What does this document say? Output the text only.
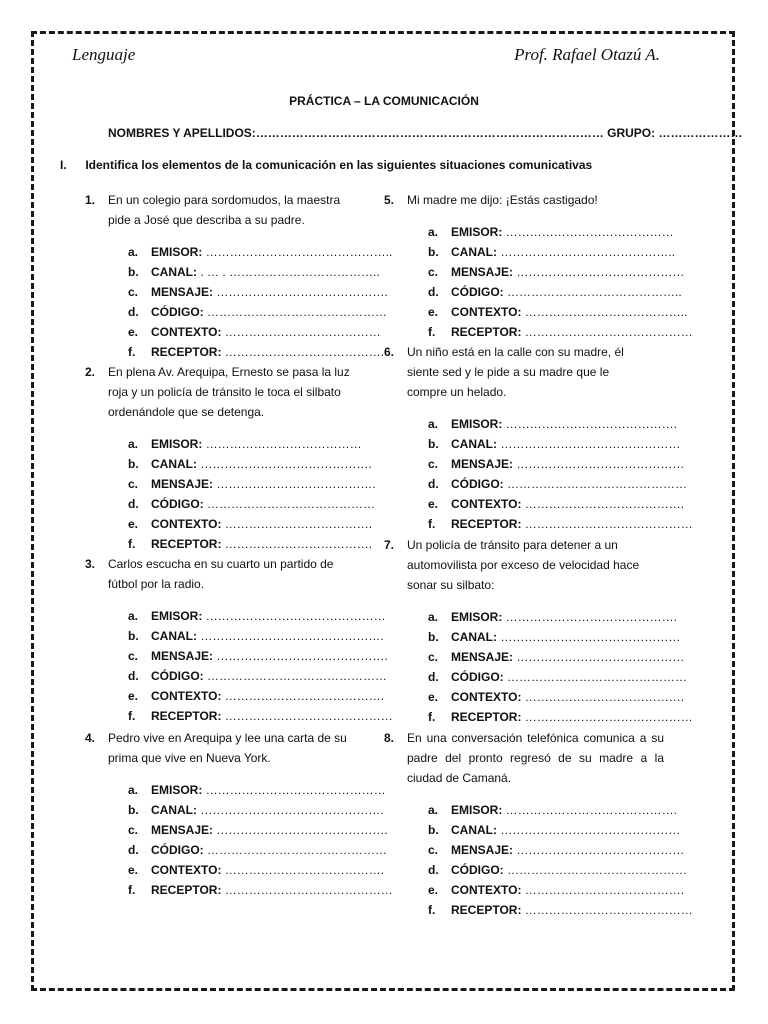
Lenguaje	Prof. Rafael Otazú A.
PRÁCTICA – LA COMUNICACIÓN
NOMBRES Y APELLIDOS:…………………………………………………………………………… GRUPO: …………………
I. Identifica los elementos de la comunicación en las siguientes situaciones comunicativas
1. En un colegio para sordomudos, la maestra pide a José que describa a su padre.
a. EMISOR: ………………………………………..
b. CANAL: . … . ………………………………..
c. MENSAJE: …………………………………….
d. CÓDIGO: ………………………………………
e. CONTEXTO: …………………………………
f. RECEPTOR: ………………………………….
2. En plena Av. Arequipa, Ernesto se pasa la luz roja y un policía de tránsito le toca el silbato ordenándole que se detenga.
a. EMISOR: …………………………………
b. CANAL: …………………………………….
c. MENSAJE: ………………………………….
d. CÓDIGO: ……………………………………
e. CONTEXTO: ……………………………….
f. RECEPTOR: ……………………………….
3. Carlos escucha en su cuarto un partido de fútbol por la radio.
a. EMISOR: ………………………………………
b. CANAL: ……………………………………….
c. MENSAJE: …………………………………….
d. CÓDIGO: ………………………………………
e. CONTEXTO: ………………………………….
f. RECEPTOR: ……………………………………
4. Pedro vive en Arequipa y lee una carta de su prima que vive en Nueva York.
a. EMISOR: ………………………………………
b. CANAL: ……………………………………….
c. MENSAJE: …………………………………….
d. CÓDIGO: ………………………………………
e. CONTEXTO: ………………………………….
f. RECEPTOR: ……………………………………
5. Mi madre me dijo: ¡Estás castigado!
a. EMISOR: ……………………………………
b. CANAL: ……………………………………..
c. MENSAJE: ……………………………………
d. CÓDIGO: ……………………………………..
e. CONTEXTO: …………………………………..
f. RECEPTOR: ……………………………………
6. Un niño está en la calle con su madre, él siente sed y le pide a su madre que le compre un helado.
a. EMISOR: …………………………………….
b. CANAL: ………………………………………
c. MENSAJE: ……………………………………
d. CÓDIGO: ………………………………………
e. CONTEXTO: ………………………………….
f. RECEPTOR: ……………………………………
7. Un policía de tránsito para detener a un automovilista por exceso de velocidad hace sonar su silbato:
a. EMISOR: …………………………………….
b. CANAL: ………………………………………
c. MENSAJE: ……………………………………
d. CÓDIGO: ………………………………………
e. CONTEXTO: ………………………………….
f. RECEPTOR: ……………………………………
8. En una conversación telefónica comunica a su padre del pronto regresó de su madre a la ciudad de Camaná.
a. EMISOR: …………………………………….
b. CANAL: ………………………………………
c. MENSAJE: ……………………………………
d. CÓDIGO: ………………………………………
e. CONTEXTO: ………………………………….
f. RECEPTOR: ……………………………………
